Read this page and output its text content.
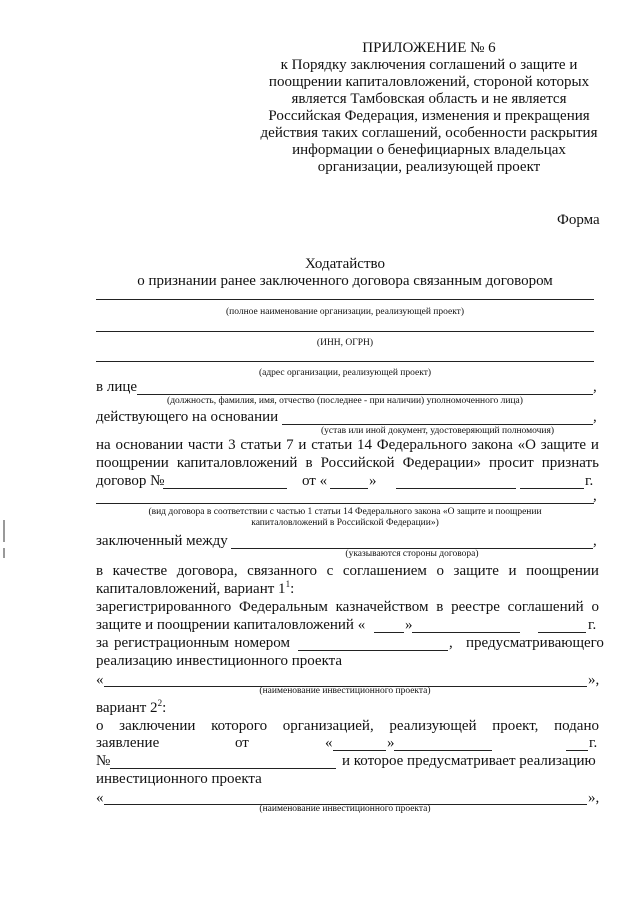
ПРИЛОЖЕНИЕ № 6
к Порядку заключения соглашений о защите и
поощрении капиталовложений, стороной которых
является Тамбовская область и не является
Российская Федерация, изменения и прекращения
действия таких соглашений, особенности раскрытия
информации о бенефициарных владельцах
организации, реализующей проект
Форма
Ходатайство
о признании ранее заключенного договора связанным договором
(полное наименование организации, реализующей проект)
(ИНН, ОГРН)
(адрес организации, реализующей проект)
в лице	,
(должность, фамилия, имя, отчество (последнее - при наличии) уполномоченного лица)
действующего на основании	,
(устав или иной документ, удостоверяющий полномочия)
на основании части 3 статьи 7 и статьи 14 Федерального закона «О защите и
поощрении капиталовложений в Российской Федерации» просит признать
договор №	от «	»	г.
,
(вид договора в соответствии с частью 1 статьи 14 Федерального закона «О защите и поощрении
капиталовложений в Российской Федерации»)
заключенный между	,
(указываются стороны договора)
в качестве договора, связанного с соглашением о защите и поощрении
капиталовложений, вариант $1^1$:
зарегистрированного Федеральным казначейством в реестре соглашений о
защите и поощрении капиталовложений «	»	г.
за регистрационным номером	, предусматривающего
реализацию инвестиционного проекта
«	»,
(наименование инвестиционного проекта)
вариант $2^2$:
о заключении которого организацией, реализующей проект, подано
заявление	от	«	»	г.
№	и которое предусматривает реализацию
инвестиционного проекта
«	»,
(наименование инвестиционного проекта)
